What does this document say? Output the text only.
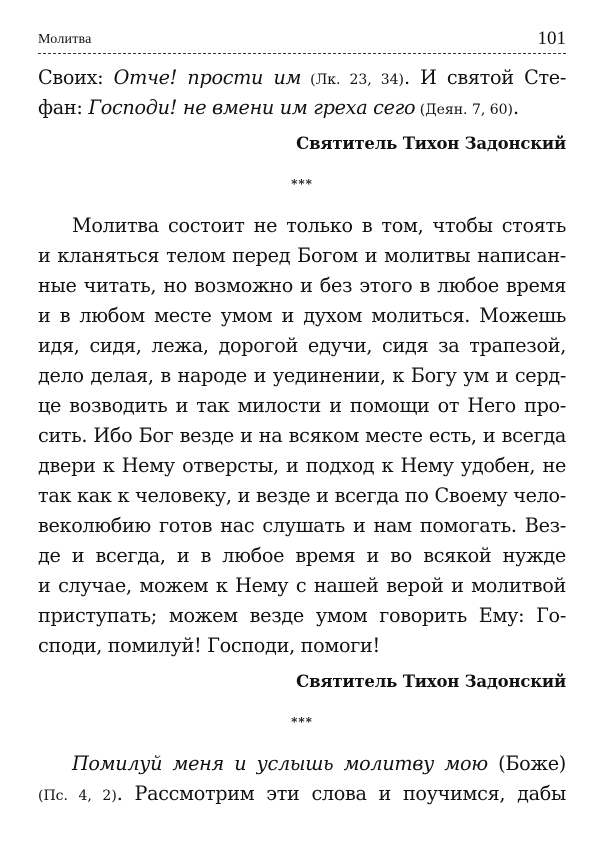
Молитва	101
Своих: Отче! прости им (Лк. 23, 34). И святой Сте-
фан: Господи! не вмени им греха сего (Деян. 7, 60).
Святитель Тихон Задонский
***
Молитва состоит не только в том, чтобы стоять
и кланяться телом перед Богом и молитвы написан-
ные читать, но возможно и без этого в любое время
и в любом месте умом и духом молиться. Можешь
идя, сидя, лежа, дорогой едучи, сидя за трапезой,
дело делая, в народе и уединении, к Богу ум и серд-
це возводить и так милости и помощи от Него про-
сить. Ибо Бог везде и на всяком месте есть, и всегда
двери к Нему отверсты, и подход к Нему удобен, не
так как к человеку, и везде и всегда по Своему чело-
веколюбию готов нас слушать и нам помогать. Вез-
де и всегда, и в любое время и во всякой нужде
и случае, можем к Нему с нашей верой и молитвой
приступать; можем везде умом говорить Ему: Го-
споди, помилуй! Господи, помоги!
Святитель Тихон Задонский
***
Помилуй меня и услышь молитву мою (Боже)
(Пс. 4, 2). Рассмотрим эти слова и поучимся, дабы
